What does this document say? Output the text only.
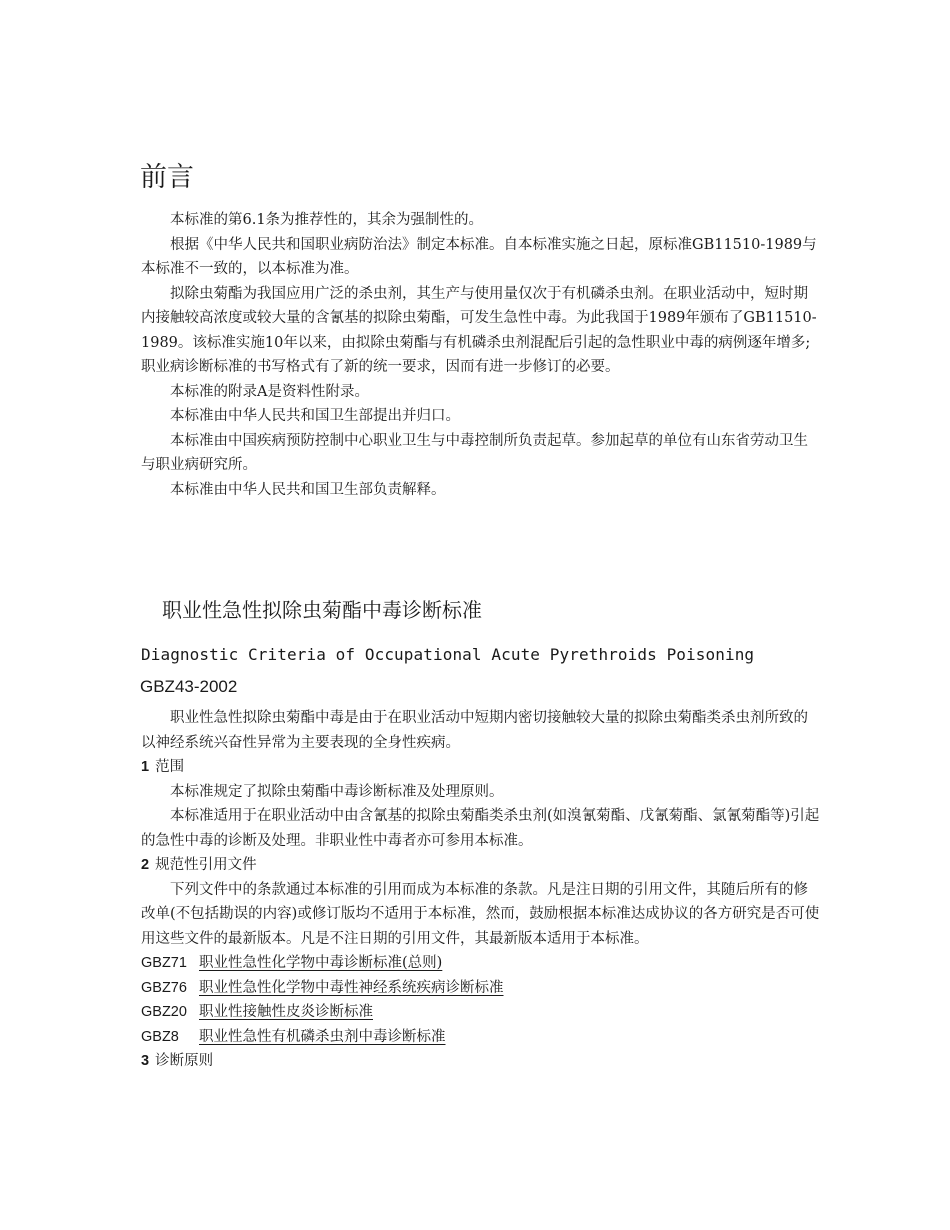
前言

本标准的第6.1条为推荐性的，其余为强制性的。

根据《中华人民共和国职业病防治法》制定本标准。自本标准实施之日起，原标准GB11510-1989与本标准不一致的，以本标准为准。

拟除虫菊酯为我国应用广泛的杀虫剂，其生产与使用量仅次于有机磷杀虫剂。在职业活动中，短时期内接触较高浓度或较大量的含氰基的拟除虫菊酯，可发生急性中毒。为此我国于1989年颁布了GB11510-1989。该标准实施10年以来，由拟除虫菊酯与有机磷杀虫剂混配后引起的急性职业中毒的病例逐年增多;职业病诊断标准的书写格式有了新的统一要求，因而有进一步修订的必要。

本标准的附录A是资料性附录。

本标准由中华人民共和国卫生部提出并归口。

本标准由中国疾病预防控制中心职业卫生与中毒控制所负责起草。参加起草的单位有山东省劳动卫生与职业病研究所。

本标准由中华人民共和国卫生部负责解释。

职业性急性拟除虫菊酯中毒诊断标准

Diagnostic Criteria of Occupational Acute Pyrethroids Poisoning

GBZ43-2002

职业性急性拟除虫菊酯中毒是由于在职业活动中短期内密切接触较大量的拟除虫菊酯类杀虫剂所致的以神经系统兴奋性异常为主要表现的全身性疾病。

1 范围

本标准规定了拟除虫菊酯中毒诊断标准及处理原则。

本标准适用于在职业活动中由含氰基的拟除虫菊酯类杀虫剂(如溴氰菊酯、戊氰菊酯、氯氰菊酯等)引起的急性中毒的诊断及处理。非职业性中毒者亦可参用本标准。

2 规范性引用文件

下列文件中的条款通过本标准的引用而成为本标准的条款。凡是注日期的引用文件，其随后所有的修改单(不包括勘误的内容)或修订版均不适用于本标准，然而，鼓励根据本标准达成协议的各方研究是否可使用这些文件的最新版本。凡是不注日期的引用文件，其最新版本适用于本标准。

GBZ71 职业性急性化学物中毒诊断标准(总则)

GBZ76 职业性急性化学物中毒性神经系统疾病诊断标准

GBZ20 职业性接触性皮炎诊断标准

GBZ8 职业性急性有机磷杀虫剂中毒诊断标准

3 诊断原则
